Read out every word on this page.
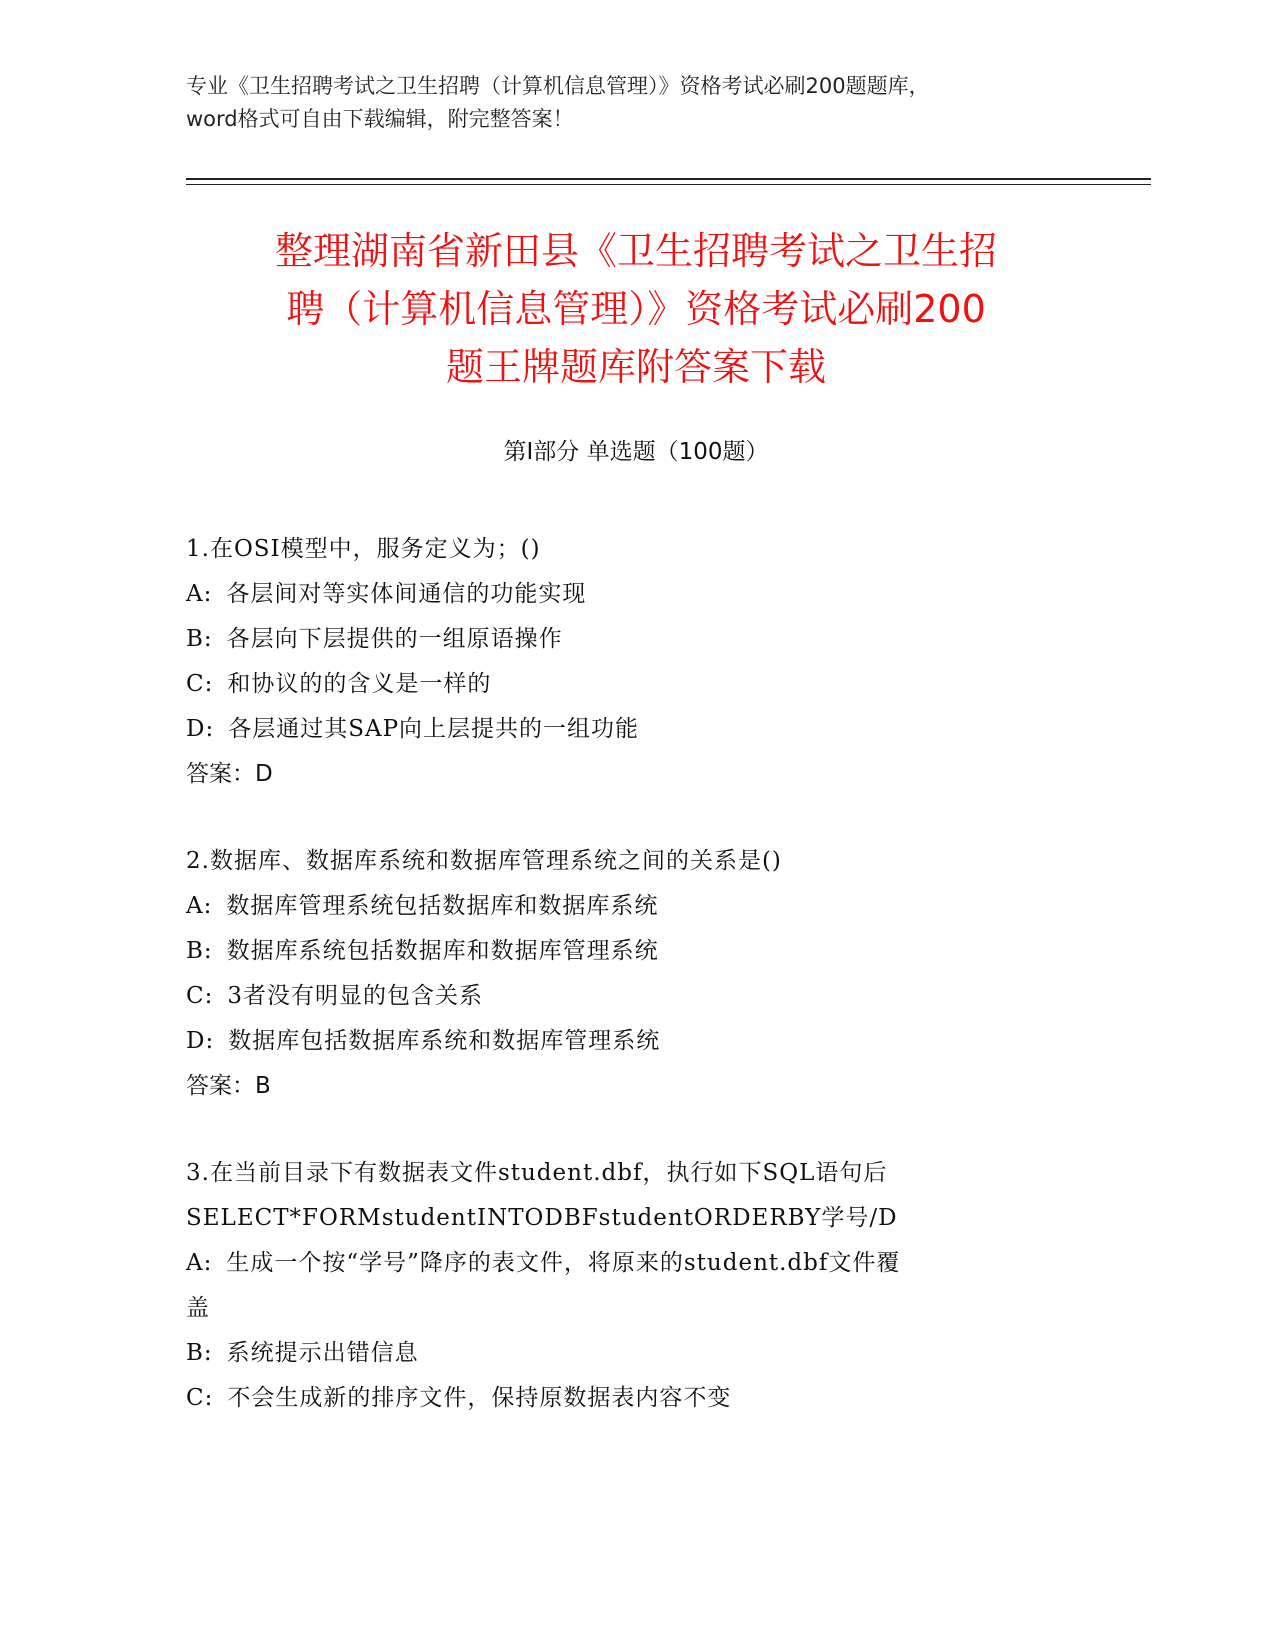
专业《卫生招聘考试之卫生招聘（计算机信息管理）》资格考试必刷200题题库，
word格式可自由下载编辑，附完整答案！
整理湖南省新田县《卫生招聘考试之卫生招
聘（计算机信息管理）》资格考试必刷200
题王牌题库附答案下载
第Ⅰ部分 单选题（100题）
1.在OSI模型中，服务定义为；()
A: 各层间对等实体间通信的功能实现
B: 各层向下层提供的一组原语操作
C: 和协议的的含义是一样的
D: 各层通过其SAP向上层提共的一组功能
答案：D
2.数据库、数据库系统和数据库管理系统之间的关系是()
A: 数据库管理系统包括数据库和数据库系统
B: 数据库系统包括数据库和数据库管理系统
C: 3者没有明显的包含关系
D: 数据库包括数据库系统和数据库管理系统
答案：B
3.在当前目录下有数据表文件student.dbf，执行如下SQL语句后
SELECT*FORMstudentINTODBFstudentORDERBY学号/D
A: 生成一个按“学号”降序的表文件，将原来的student.dbf文件覆
盖
B: 系统提示出错信息
C: 不会生成新的排序文件，保持原数据表内容不变
